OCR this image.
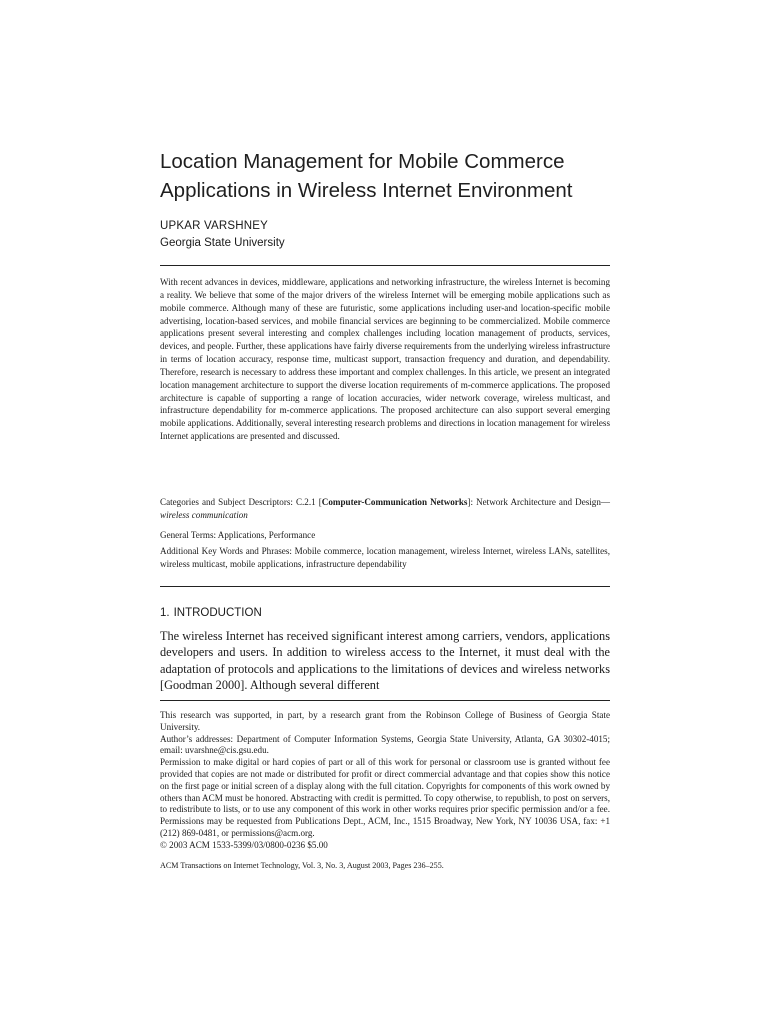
Location Management for Mobile Commerce Applications in Wireless Internet Environment
UPKAR VARSHNEY
Georgia State University

With recent advances in devices, middleware, applications and networking infrastructure, the wireless Internet is becoming a reality. We believe that some of the major drivers of the wireless Internet will be emerging mobile applications such as mobile commerce. Although many of these are futuristic, some applications including user-and location-specific mobile advertising, location-based services, and mobile financial services are beginning to be commercialized. Mobile commerce applications present several interesting and complex challenges including location management of products, services, devices, and people. Further, these applications have fairly diverse requirements from the underlying wireless infrastructure in terms of location accuracy, response time, multicast support, transaction frequency and duration, and dependability. Therefore, research is necessary to address these important and complex challenges. In this article, we present an integrated location management architecture to support the diverse location requirements of m-commerce applications. The proposed architecture is capable of supporting a range of location accuracies, wider network coverage, wireless multicast, and infrastructure dependability for m-commerce applications. The proposed architecture can also support several emerging mobile applications. Additionally, several interesting research problems and directions in location management for wireless Internet applications are presented and discussed.

Categories and Subject Descriptors: C.2.1 [Computer-Communication Networks]: Network Architecture and Design—wireless communication

General Terms: Applications, Performance

Additional Key Words and Phrases: Mobile commerce, location management, wireless Internet, wireless LANs, satellites, wireless multicast, mobile applications, infrastructure dependability

1. INTRODUCTION

The wireless Internet has received significant interest among carriers, vendors, applications developers and users. In addition to wireless access to the Internet, it must deal with the adaptation of protocols and applications to the limitations of devices and wireless networks [Goodman 2000]. Although several different

This research was supported, in part, by a research grant from the Robinson College of Business of Georgia State University.

Author’s addresses: Department of Computer Information Systems, Georgia State University, Atlanta, GA 30302-4015; email: uvarshne@cis.gsu.edu.

Permission to make digital or hard copies of part or all of this work for personal or classroom use is granted without fee provided that copies are not made or distributed for profit or direct commercial advantage and that copies show this notice on the first page or initial screen of a display along with the full citation. Copyrights for components of this work owned by others than ACM must be honored. Abstracting with credit is permitted. To copy otherwise, to republish, to post on servers, to redistribute to lists, or to use any component of this work in other works requires prior specific permission and/or a fee. Permissions may be requested from Publications Dept., ACM, Inc., 1515 Broadway, New York, NY 10036 USA, fax: +1 (212) 869-0481, or permissions@acm.org.

© 2003 ACM 1533-5399/03/0800-0236 $5.00

ACM Transactions on Internet Technology, Vol. 3, No. 3, August 2003, Pages 236–255.
